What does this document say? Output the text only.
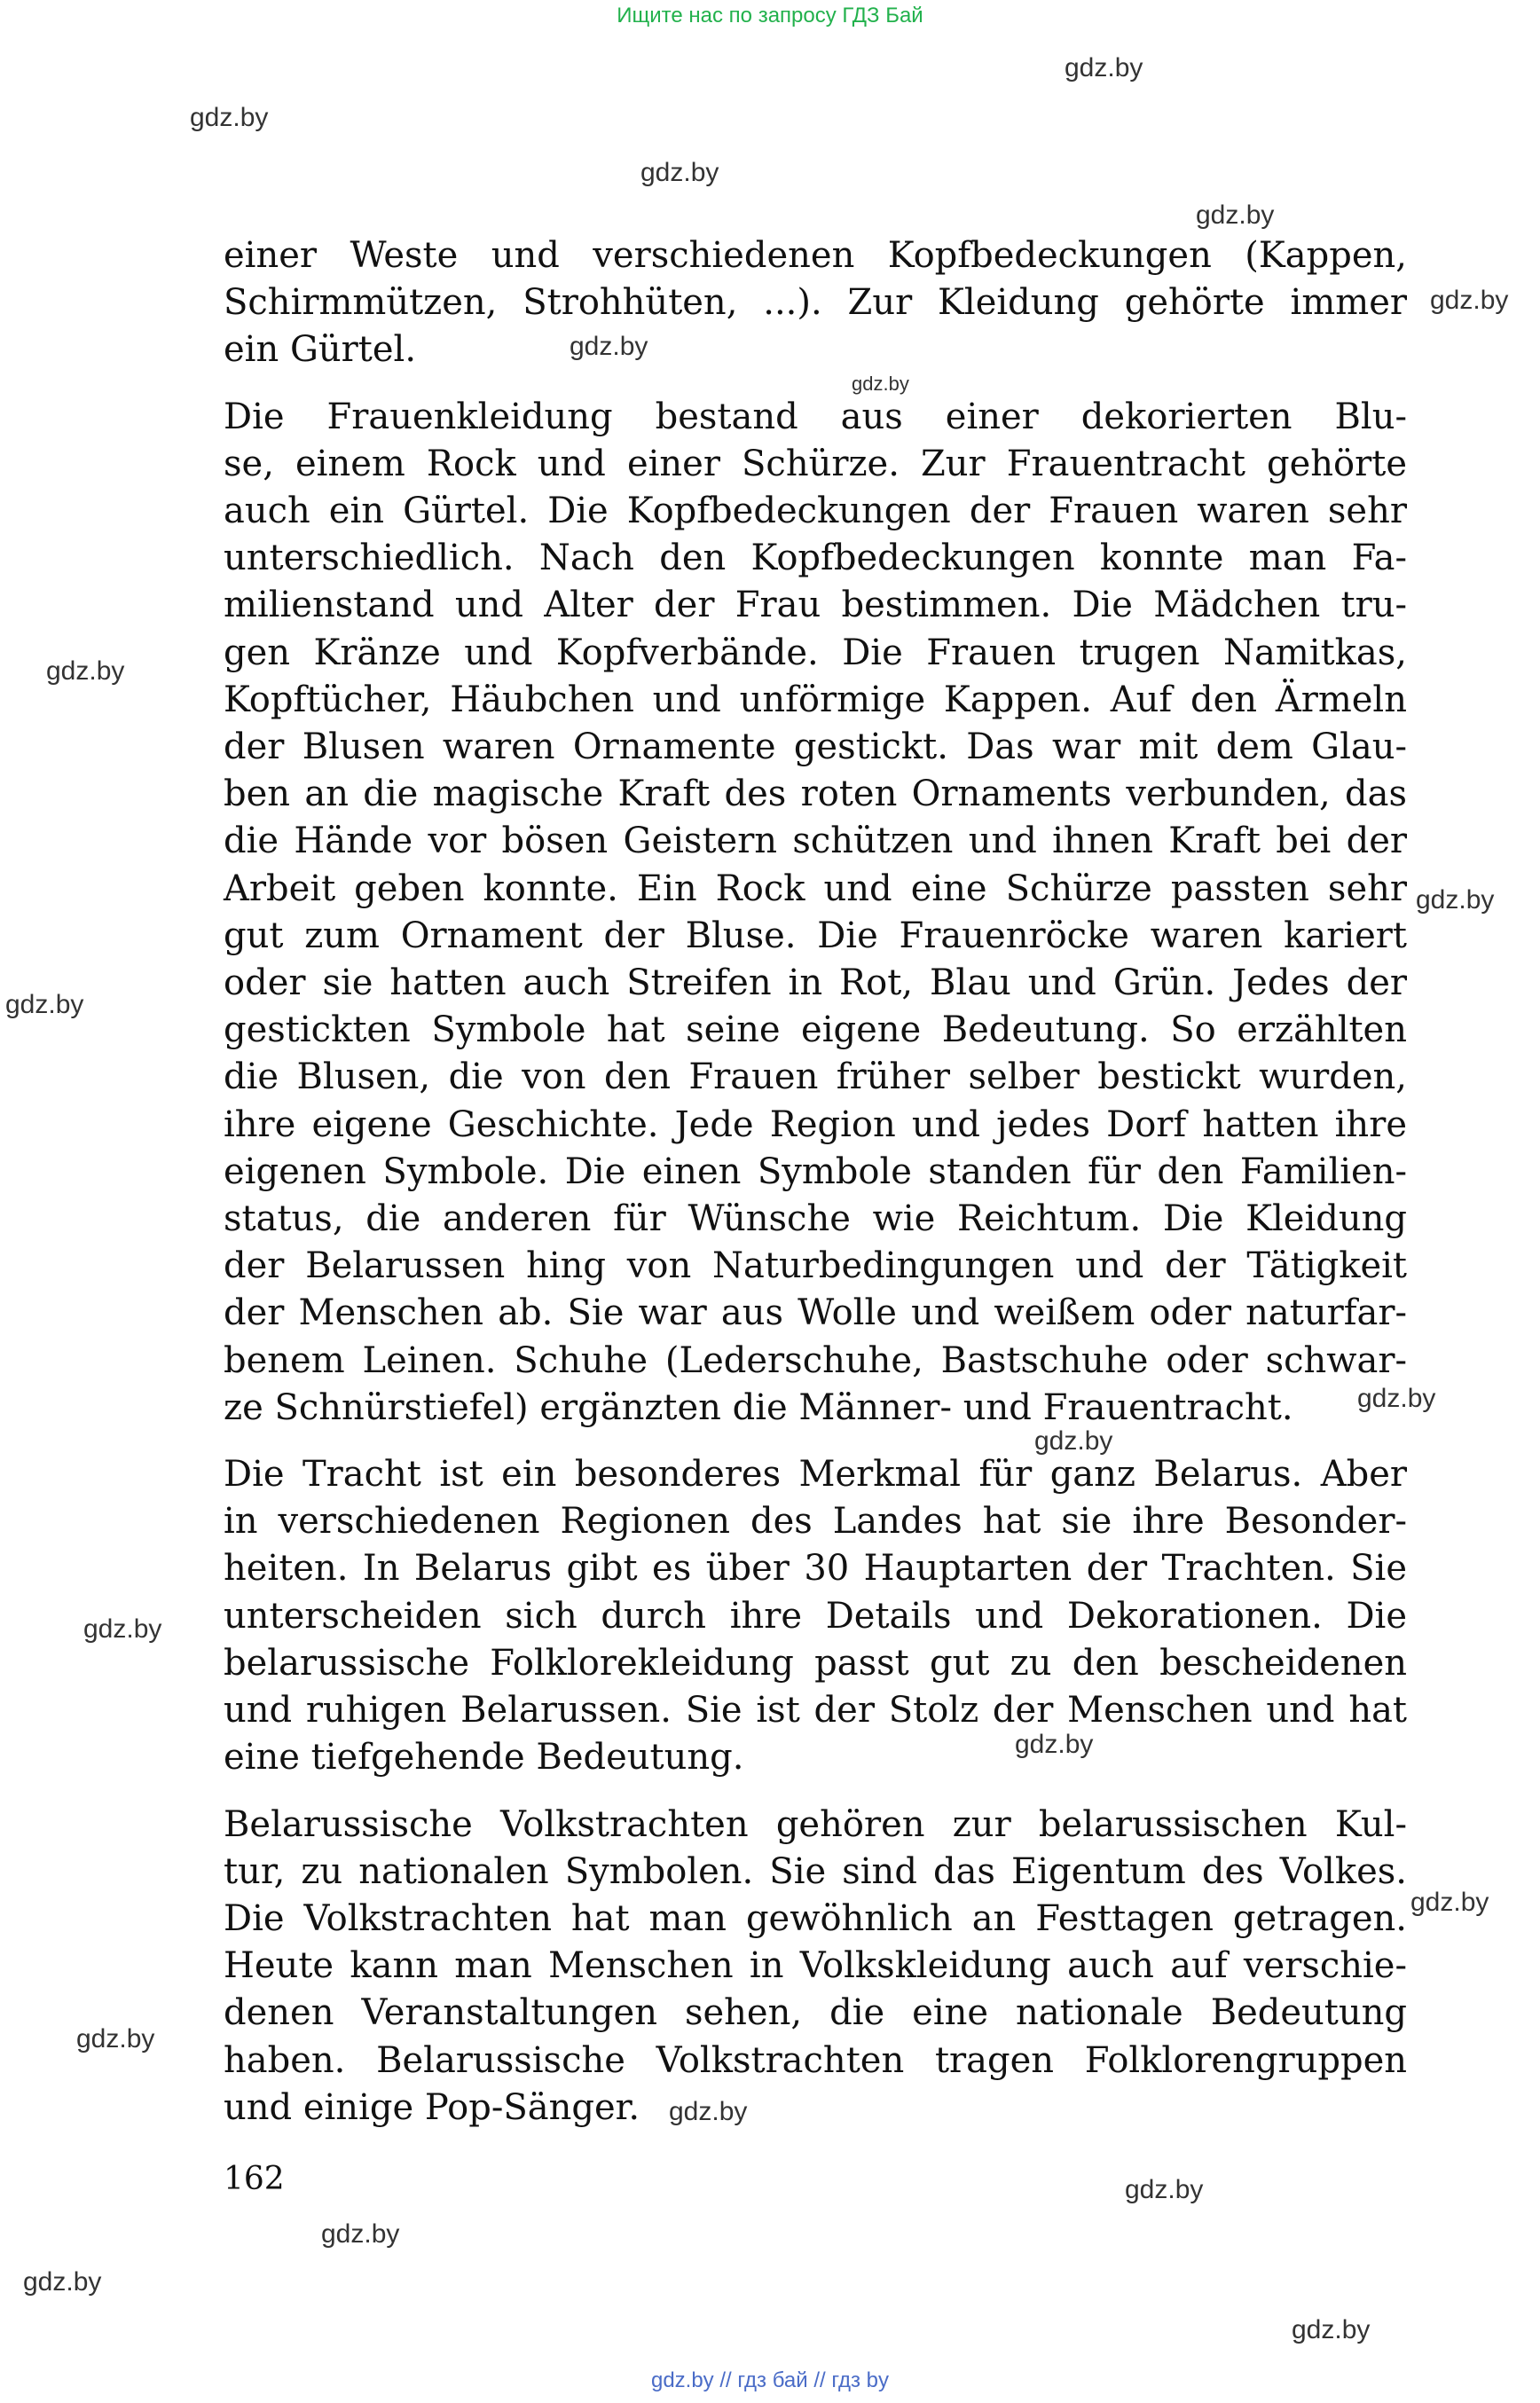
Ищите нас по запросу ГДЗ Бай
gdz.by
gdz.by
gdz.by
gdz.by
gdz.by
gdz.by
gdz.by
gdz.by
gdz.by
gdz.by
gdz.by
gdz.by
gdz.by
gdz.by
gdz.by
gdz.by
gdz.by
gdz.by
gdz.by
gdz.by
gdz.by
einer Weste und verschiedenen Kopfbedeckungen (Kappen,
Schirmmützen, Strohhüten, ...). Zur Kleidung gehörte immer
ein Gürtel.
Die Frauenkleidung bestand aus einer dekorierten Blu-
se, einem Rock und einer Schürze. Zur Frauentracht gehörte
auch ein Gürtel. Die Kopfbedeckungen der Frauen waren sehr
unterschiedlich. Nach den Kopfbedeckungen konnte man Fa-
milienstand und Alter der Frau bestimmen. Die Mädchen tru-
gen Kränze und Kopfverbände. Die Frauen trugen Namitkas,
Kopftücher, Häubchen und unförmige Kappen. Auf den Ärmeln
der Blusen waren Ornamente gestickt. Das war mit dem Glau-
ben an die magische Kraft des roten Ornaments verbunden, das
die Hände vor bösen Geistern schützen und ihnen Kraft bei der
Arbeit geben konnte. Ein Rock und eine Schürze passten sehr
gut zum Ornament der Bluse. Die Frauenröcke waren kariert
oder sie hatten auch Streifen in Rot, Blau und Grün. Jedes der
gestickten Symbole hat seine eigene Bedeutung. So erzählten
die Blusen, die von den Frauen früher selber bestickt wurden,
ihre eigene Geschichte. Jede Region und jedes Dorf hatten ihre
eigenen Symbole. Die einen Symbole standen für den Familien-
status, die anderen für Wünsche wie Reichtum. Die Kleidung
der Belarussen hing von Naturbedingungen und der Tätigkeit
der Menschen ab. Sie war aus Wolle und weißem oder naturfar-
benem Leinen. Schuhe (Lederschuhe, Bastschuhe oder schwar-
ze Schnürstiefel) ergänzten die Männer- und Frauentracht.
Die Tracht ist ein besonderes Merkmal für ganz Belarus. Aber
in verschiedenen Regionen des Landes hat sie ihre Besonder-
heiten. In Belarus gibt es über 30 Hauptarten der Trachten. Sie
unterscheiden sich durch ihre Details und Dekorationen. Die
belarussische Folklorekleidung passt gut zu den bescheidenen
und ruhigen Belarussen. Sie ist der Stolz der Menschen und hat
eine tiefgehende Bedeutung.
Belarussische Volkstrachten gehören zur belarussischen Kul-
tur, zu nationalen Symbolen. Sie sind das Eigentum des Volkes.
Die Volkstrachten hat man gewöhnlich an Festtagen getragen.
Heute kann man Menschen in Volkskleidung auch auf verschie-
denen Veranstaltungen sehen, die eine nationale Bedeutung
haben. Belarussische Volkstrachten tragen Folklorengruppen
und einige Pop-Sänger.
162
gdz.by // гдз бай // гдз by
